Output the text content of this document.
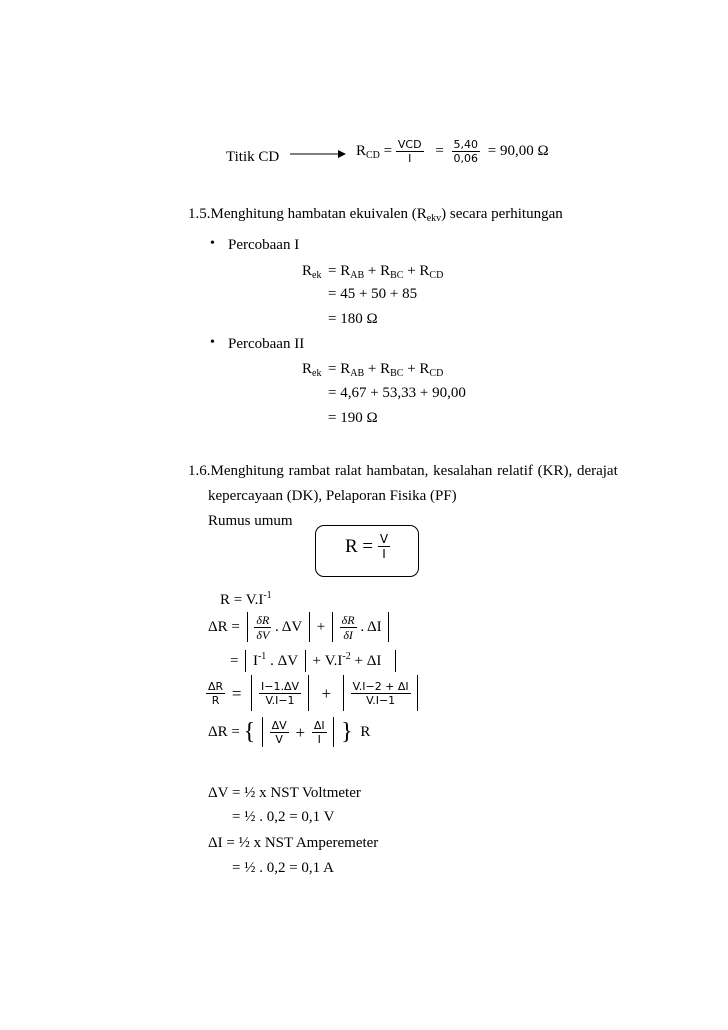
Titik CD	$R_{CD} = \frac{\text{VCD}}{I} = \frac{5,40}{0,06} = 90,00$ Ω
1.5.Menghitung hambatan ekuivalen $(R_{ekv})$ secara perhitungan
• Percobaan I
$R_{ek} = R_{AB} + R_{BC} + R_{CD}$
= 45 + 50 + 85
= 180 Ω
• Percobaan II
$R_{ek} = R_{AB} + R_{BC} + R_{CD}$
= 4,67 + 53,33 + 90,00
= 190 Ω
1.6.Menghitung rambat ralat hambatan, kesalahan relatif (KR), derajat
kepercayaan (DK), Pelaporan Fisika (PF)
Rumus umum
$R = \frac{V}{I}$
$R = V.I^{-1}$
$\Delta R = \frac{\delta R}{\delta V}$ . $\Delta V + \frac{\delta R}{\delta I}$ . ΔI
= $I^{-1}$ . $\Delta V + V.I^{-2} + \Delta I$
$\frac{\Delta R}{R} = \frac{I-1.\Delta V}{V.I-1} + \frac{V.I-2 + \Delta I}{V.I-1}$

ΔR = { $\frac{\Delta V}{V} + \frac{\Delta I}{I}$ } R
ΔV = ½ x NST Voltmeter
= ½ . 0,2 = 0,1 V
ΔI = ½ x NST Amperemeter
= ½ . 0,2 = 0,1 A
